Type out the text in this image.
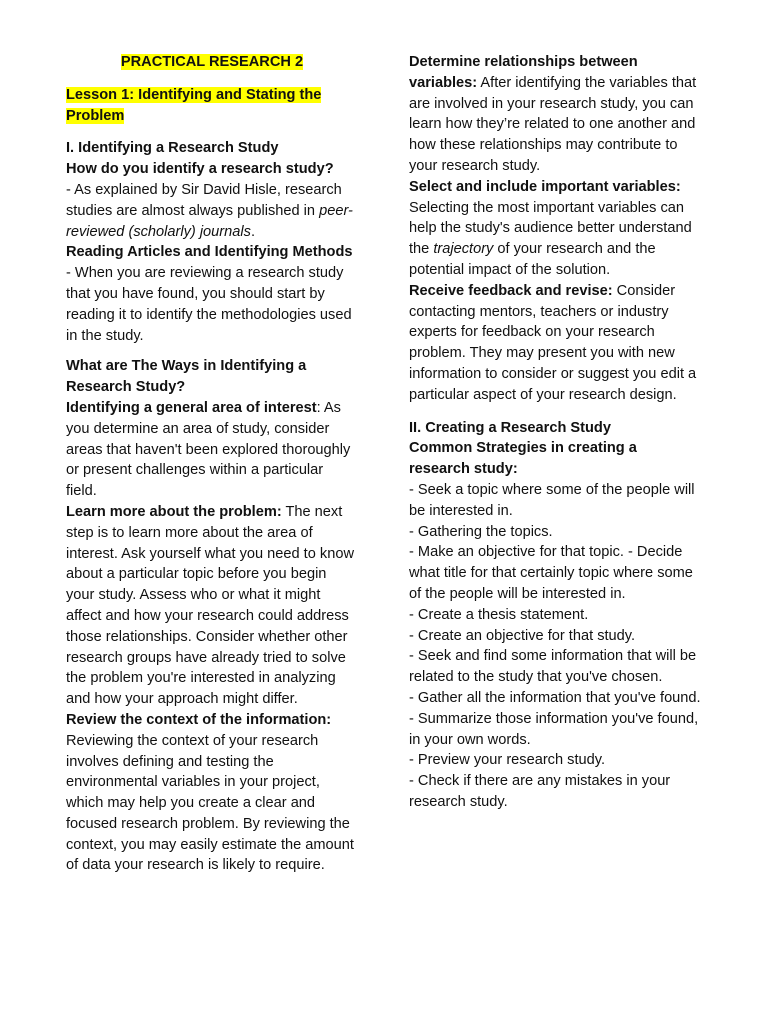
PRACTICAL RESEARCH 2

Lesson 1: Identifying and Stating the Problem

I. Identifying a Research Study

How do you identify a research study?

- As explained by Sir David Hisle, research studies are almost always published in peer-reviewed (scholarly) journals.

Reading Articles and Identifying Methods

- When you are reviewing a research study that you have found, you should start by reading it to identify the methodologies used in the study.

What are The Ways in Identifying a Research Study?

Identifying a general area of interest: As you determine an area of study, consider areas that haven't been explored thoroughly or present challenges within a particular field.

Learn more about the problem: The next step is to learn more about the area of interest. Ask yourself what you need to know about a particular topic before you begin your study. Assess who or what it might affect and how your research could address those relationships. Consider whether other research groups have already tried to solve the problem you're interested in analyzing and how your approach might differ.

Review the context of the information: Reviewing the context of your research involves defining and testing the environmental variables in your project, which may help you create a clear and focused research problem. By reviewing the context, you may easily estimate the amount of data your research is likely to require.

Determine relationships between variables: After identifying the variables that are involved in your research study, you can learn how they’re related to one another and how these relationships may contribute to your research study.

Select and include important variables: Selecting the most important variables can help the study's audience better understand the trajectory of your research and the potential impact of the solution.

Receive feedback and revise: Consider contacting mentors, teachers or industry experts for feedback on your research problem. They may present you with new information to consider or suggest you edit a particular aspect of your research design.

II. Creating a Research Study

Common Strategies in creating a research study:

- Seek a topic where some of the people will be interested in.

- Gathering the topics.

- Make an objective for that topic. - Decide what title for that certainly topic where some of the people will be interested in.

- Create a thesis statement.

- Create an objective for that study.

- Seek and find some information that will be related to the study that you've chosen.

- Gather all the information that you've found.

- Summarize those information you've found, in your own words.

- Preview your research study.

- Check if there are any mistakes in your research study.
